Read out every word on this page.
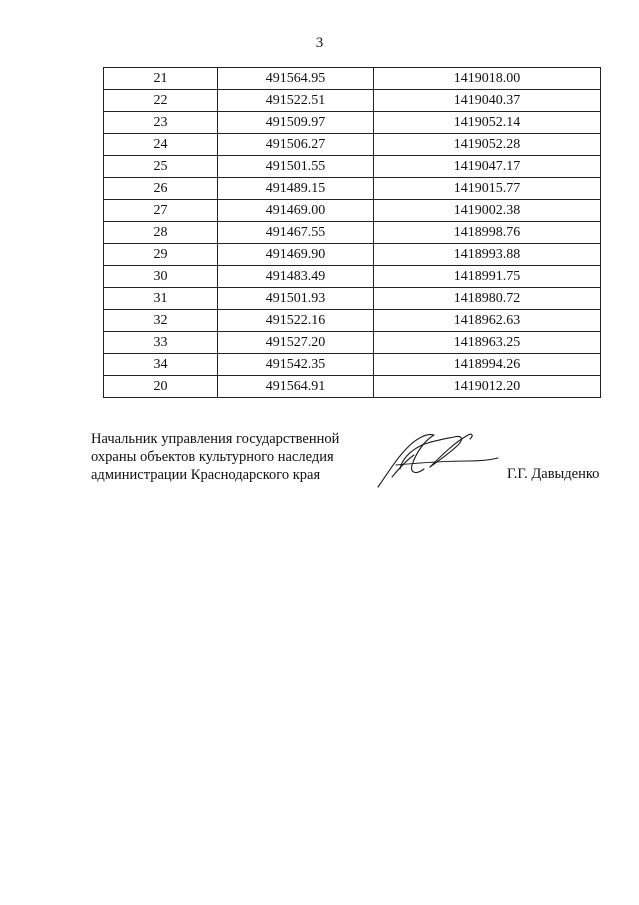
3
21	491564.95	1419018.00
22	491522.51	1419040.37
23	491509.97	1419052.14
24	491506.27	1419052.28
25	491501.55	1419047.17
26	491489.15	1419015.77
27	491469.00	1419002.38
28	491467.55	1418998.76
29	491469.90	1418993.88
30	491483.49	1418991.75
31	491501.93	1418980.72
32	491522.16	1418962.63
33	491527.20	1418963.25
34	491542.35	1418994.26
20	491564.91	1419012.20
Начальник управления государственной
охраны объектов культурного наследия
администрации Краснодарского края	Г.Г. Давыденко
